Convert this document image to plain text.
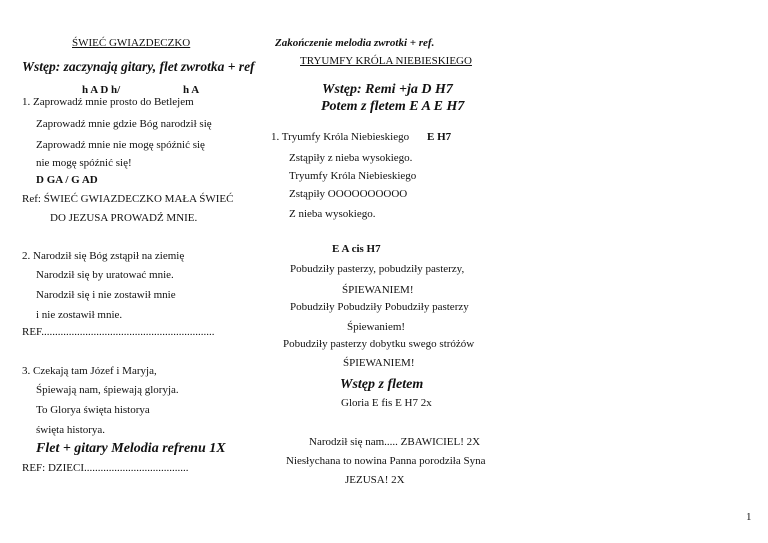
ŚWIEĆ GWIAZDECZKO
Wstęp: zaczynają gitary, flet zwrotka + ref
h A D h/	h A
1. Zaprowadź mnie prosto do Betlejem
Zaprowadź mnie gdzie Bóg narodził się
Zaprowadź mnie nie mogę spóźnić się
nie mogę spóźnić się!
D GA / G AD
Ref: ŚWIEĆ GWIAZDECZKO MAŁA ŚWIEĆ
DO JEZUSA PROWADŹ MNIE.
2. Narodził się Bóg zstąpił na ziemię
Narodził się by uratować mnie.
Narodził się i nie zostawił mnie
i nie zostawił mnie.
REF...............................................................
3. Czekają tam Józef i Maryja,
Śpiewają nam, śpiewają gloryja.
To Glorya święta historya
święta historya.
Flet + gitary Melodia refrenu 1X
REF: DZIECI......................................
Zakończenie melodia zwrotki + ref.
TRYUMFY KRÓLA NIEBIESKIEGO
Wstęp: Remi +ja D H7
Potem z fletem E A E H7
1. Tryumfy Króla Niebieskiego E H7
Zstąpiły z nieba wysokiego.
Tryumfy Króla Niebieskiego
Zstąpiły OOOOOOOOOO
Z nieba wysokiego.
E A cis H7
Pobudziły pasterzy, pobudziły pasterzy,
ŚPIEWANIEM!
Pobudziły Pobudziły Pobudziły pasterzy
Śpiewaniem!
Pobudziły pasterzy dobytku swego stróżów
ŚPIEWANIEM!
Wstęp z fletem
Gloria E fis E H7 2x
Narodził się nam..... ZBAWICIEL! 2X
Niesłychana to nowina Panna porodziła Syna
JEZUSA! 2X
1
